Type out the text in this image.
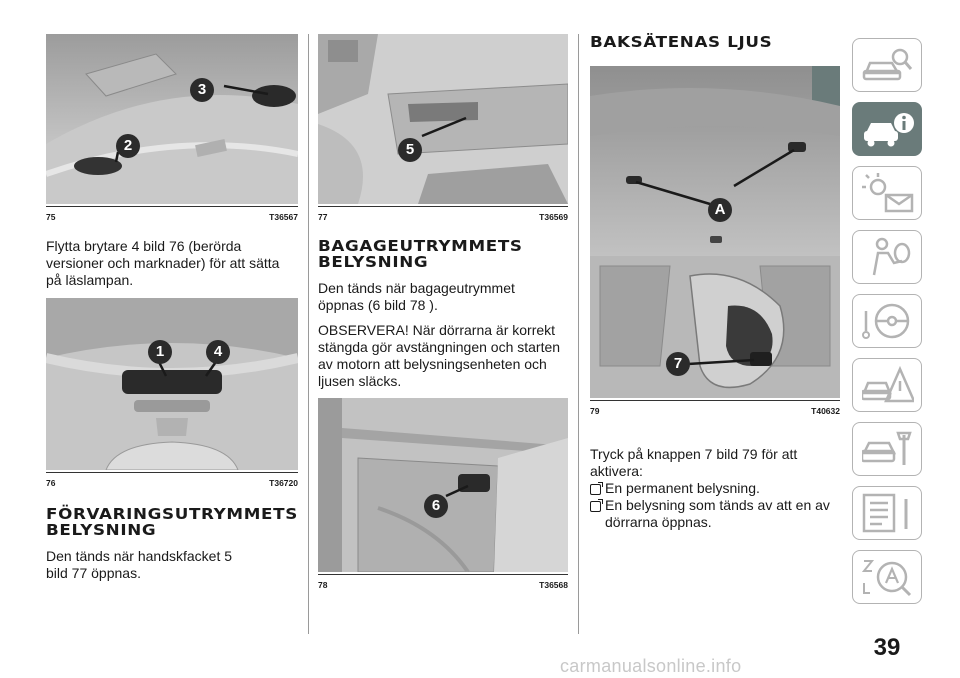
3
2
75	T36567

Flytta brytare 4 bild 76 (berörda versioner och marknader) för att sätta på läslampan.

1	4
76	T36720
FÖRVARINGSUTRYMMETS BELYSNING

Den tänds när handskfacket 5 bild 77 öppnas.

5
77	T36569
BAGAGEUTRYMMETS BELYSNING

Den tänds när bagageutrymmet öppnas (6 bild 78 ).

OBSERVERA! När dörrarna är korrekt stängda gör avstängningen och starten av motorn att belysningsenheten och ljusen släcks.

6
78	T36568
BAKSÄTENAS LJUS
A
7
79	T40632

Tryck på knappen 7 bild 79 för att aktivera:

En permanent belysning.
En belysning som tänds av att en av dörrarna öppnas.
39
carmanualsonline.info
